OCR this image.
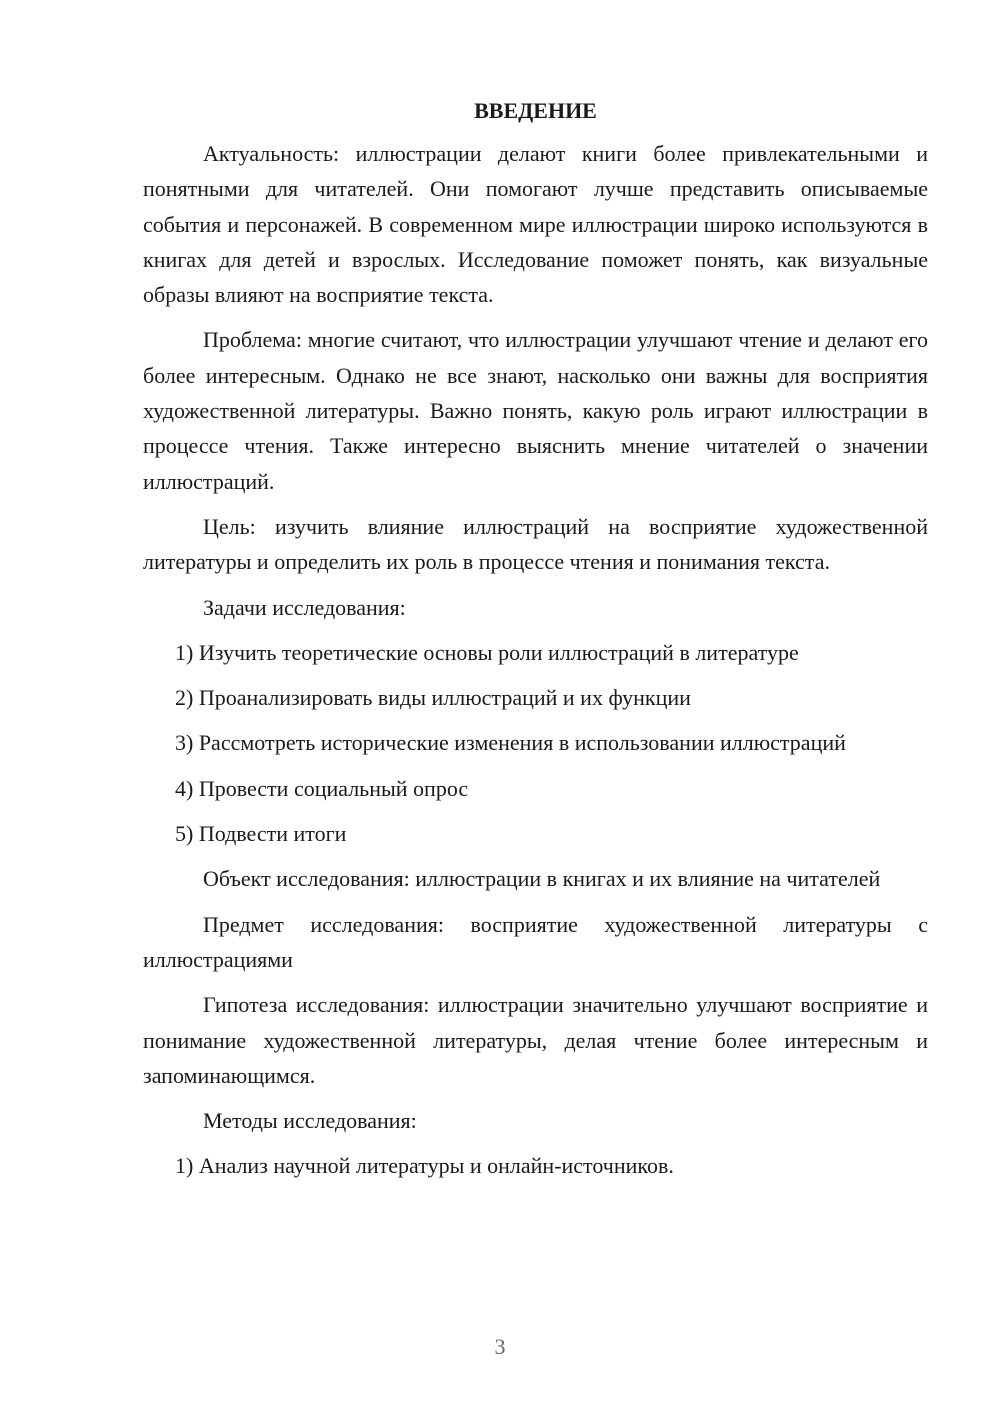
ВВЕДЕНИЕ

Актуальность: иллюстрации делают книги более привлекательными и понятными для читателей. Они помогают лучше представить описываемые события и персонажей. В современном мире иллюстрации широко используются в книгах для детей и взрослых. Исследование поможет понять, как визуальные образы влияют на восприятие текста.

Проблема: многие считают, что иллюстрации улучшают чтение и делают его более интересным. Однако не все знают, насколько они важны для восприятия художественной литературы. Важно понять, какую роль играют иллюстрации в процессе чтения. Также интересно выяснить мнение читателей о значении иллюстраций.

Цель: изучить влияние иллюстраций на восприятие художественной литературы и определить их роль в процессе чтения и понимания текста.

Задачи исследования:

1) Изучить теоретические основы роли иллюстраций в литературе

2) Проанализировать виды иллюстраций и их функции

3) Рассмотреть исторические изменения в использовании иллюстраций

4) Провести социальный опрос

5) Подвести итоги

Объект исследования: иллюстрации в книгах и их влияние на читателей

Предмет исследования: восприятие художественной литературы с иллюстрациями

Гипотеза исследования: иллюстрации значительно улучшают восприятие и понимание художественной литературы, делая чтение более интересным и запоминающимся.

Методы исследования:

1) Анализ научной литературы и онлайн-источников.

3
